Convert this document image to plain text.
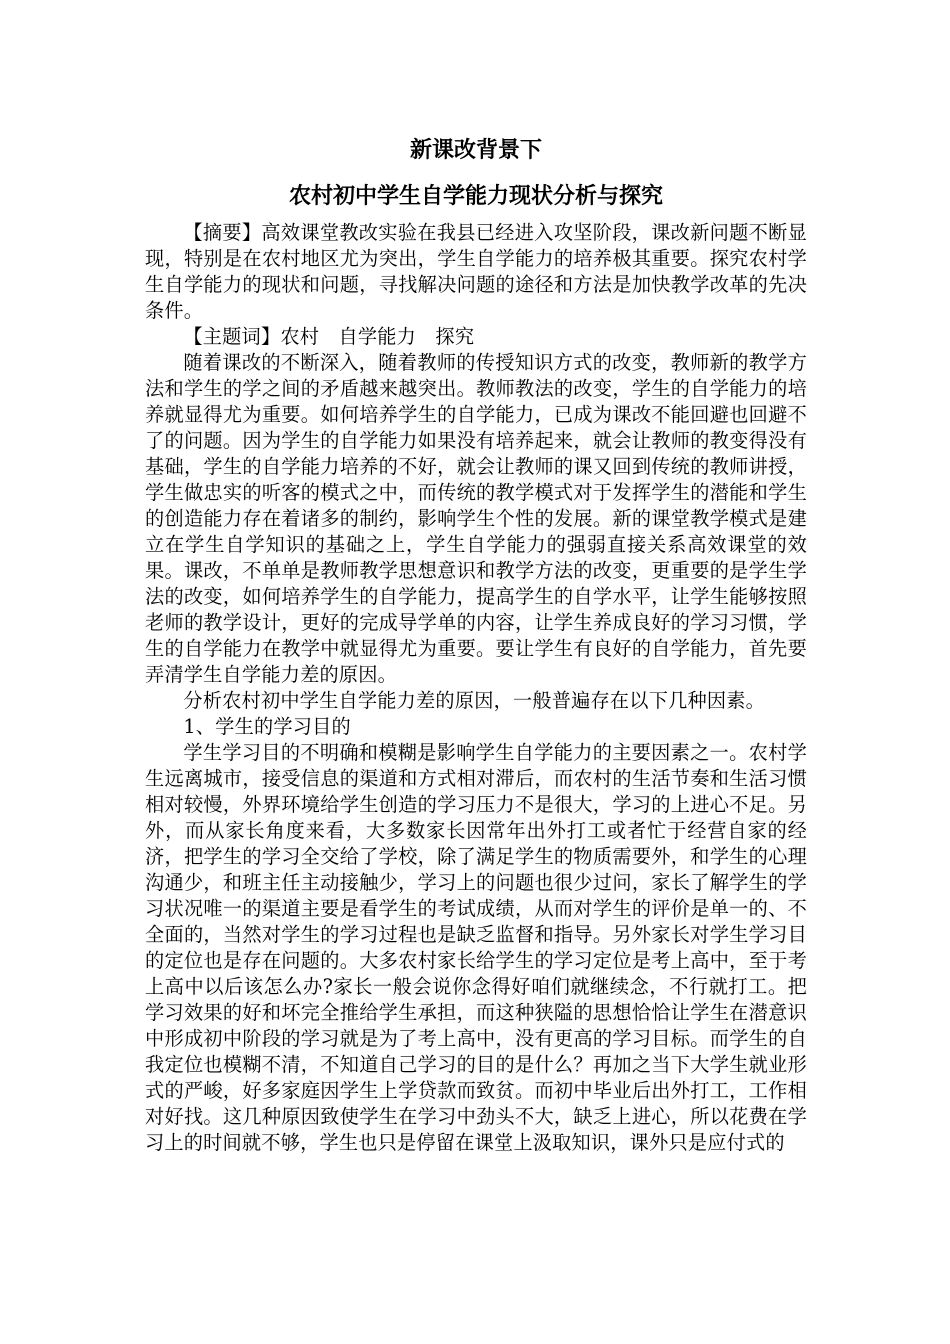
新课改背景下
农村初中学生自学能力现状分析与探究

【摘要】高效课堂教改实验在我县已经进入攻坚阶段，课改新问题不断显现，特别是在农村地区尤为突出，学生自学能力的培养极其重要。探究农村学生自学能力的现状和问题，寻找解决问题的途径和方法是加快教学改革的先决条件。

【主题词】农村　自学能力　探究

随着课改的不断深入，随着教师的传授知识方式的改变，教师新的教学方法和学生的学之间的矛盾越来越突出。教师教法的改变，学生的自学能力的培养就显得尤为重要。如何培养学生的自学能力，已成为课改不能回避也回避不了的问题。因为学生的自学能力如果没有培养起来，就会让教师的教变得没有基础，学生的自学能力培养的不好，就会让教师的课又回到传统的教师讲授，学生做忠实的听客的模式之中，而传统的教学模式对于发挥学生的潜能和学生的创造能力存在着诸多的制约，影响学生个性的发展。新的课堂教学模式是建立在学生自学知识的基础之上，学生自学能力的强弱直接关系高效课堂的效果。课改，不单单是教师教学思想意识和教学方法的改变，更重要的是学生学法的改变，如何培养学生的自学能力，提高学生的自学水平，让学生能够按照老师的教学设计，更好的完成导学单的内容，让学生养成良好的学习习惯，学生的自学能力在教学中就显得尤为重要。要让学生有良好的自学能力，首先要弄清学生自学能力差的原因。

分析农村初中学生自学能力差的原因，一般普遍存在以下几种因素。

1、学生的学习目的

学生学习目的不明确和模糊是影响学生自学能力的主要因素之一。农村学生远离城市，接受信息的渠道和方式相对滞后，而农村的生活节奏和生活习惯相对较慢，外界环境给学生创造的学习压力不是很大，学习的上进心不足。另外，而从家长角度来看，大多数家长因常年出外打工或者忙于经营自家的经济，把学生的学习全交给了学校，除了满足学生的物质需要外，和学生的心理沟通少，和班主任主动接触少，学习上的问题也很少过问，家长了解学生的学习状况唯一的渠道主要是看学生的考试成绩，从而对学生的评价是单一的、不全面的，当然对学生的学习过程也是缺乏监督和指导。另外家长对学生学习目的定位也是存在问题的。大多农村家长给学生的学习定位是考上高中，至于考上高中以后该怎么办?家长一般会说你念得好咱们就继续念，不行就打工。把学习效果的好和坏完全推给学生承担，而这种狭隘的思想恰恰让学生在潜意识中形成初中阶段的学习就是为了考上高中，没有更高的学习目标。而学生的自我定位也模糊不清，不知道自己学习的目的是什么？再加之当下大学生就业形式的严峻，好多家庭因学生上学贷款而致贫。而初中毕业后出外打工，工作相对好找。这几种原因致使学生在学习中劲头不大，缺乏上进心，所以花费在学习上的时间就不够，学生也只是停留在课堂上汲取知识，课外只是应付式的
